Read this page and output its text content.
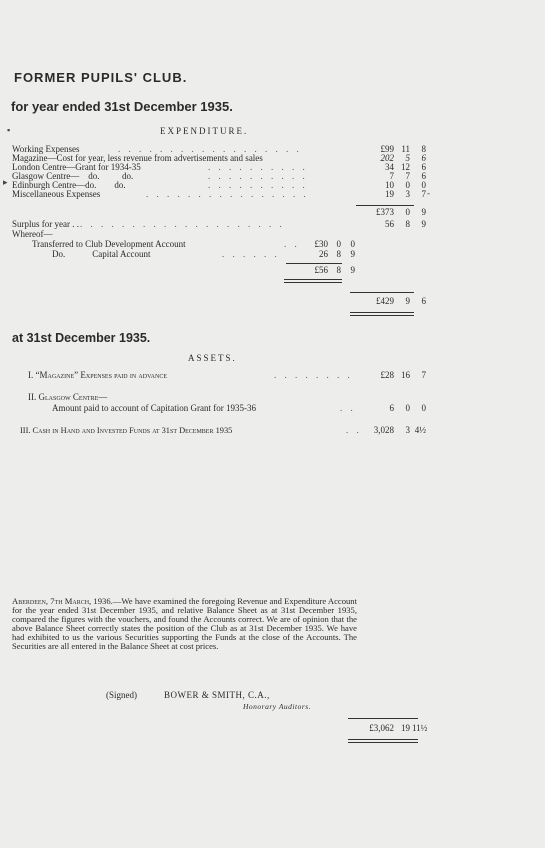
▪
▸
-
FORMER PUPILS' CLUB.
for year ended 31st December 1935.
EXPENDITURE.
Working Expenses	. . . . . . . . . . . . . . . . . .	£99 11	8
Magazine—Cost for year, less revenue from advertisements and sales	202	5	6
London Centre—Grant for 1934-35	. . . . . . . . . .	34 12	6
Glasgow Centre—    do.          do.	. . . . . . . . . .	7	7	6
Edinburgh Centre—do.        do.	. . . . . . . . . .	10	0	0
Miscellaneous Expenses	. . . . . . . . . . . . . . . .	19	3	7
£373	0	9
Surplus for year . . . . . . . . . . . . . . . . . . . . . .	56	8	9
Whereof—
Transferred to Club Development Account	. .	£30 0	0
Do.            Capital Account	. . . . . .	26 8	9
£56 8	9
£429	9	6
at 31st December 1935.
ASSETS.
I. “Magazine” Expenses paid in advance	. . . . . . . .	£28 16	7
II. Glasgow Centre—
Amount paid to account of Capitation Grant for 1935-36	. .	6	0	0
III. Cash in Hand and Invested Funds at 31st December 1935	. .	3,028	3 4½
Aberdeen, 7th March, 1936.—We have examined the foregoing Revenue and Expenditure Account for the year ended 31st December 1935, and relative Balance Sheet as at 31st December 1935, compared the figures with the vouchers, and found the Accounts correct. We are of opinion that the above Balance Sheet correctly states the position of the Club as at 31st December 1935. We have had exhibited to us the various Securities supporting the Funds at the close of the Accounts. The Securities are all entered in the Balance Sheet at cost prices.
(Signed)	BOWER & SMITH, C.A.,
Honorary Auditors.
£3,062 19 11½
